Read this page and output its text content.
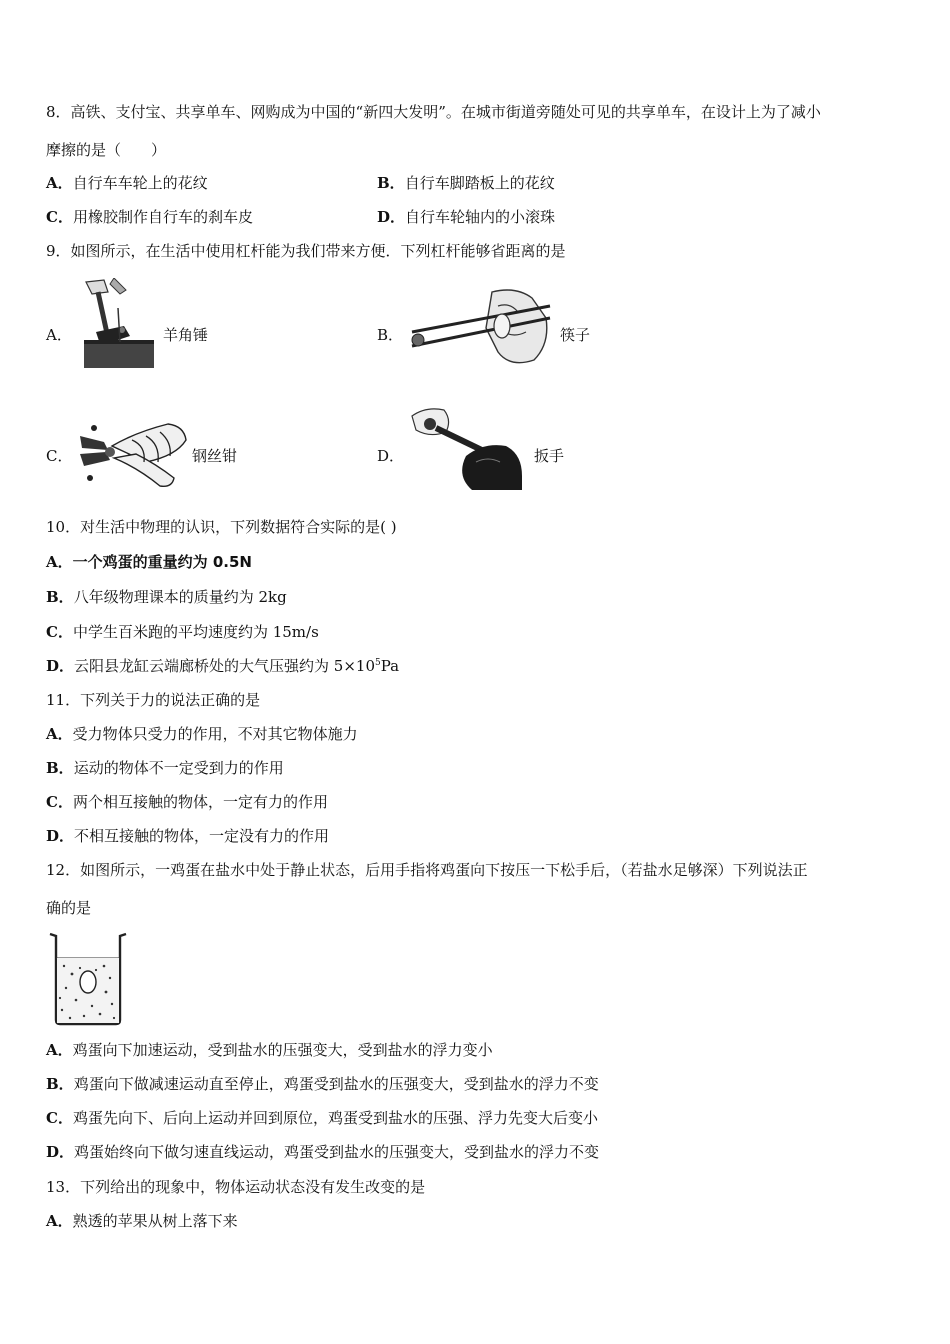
8．高铁、支付宝、共享单车、网购成为中国的“新四大发明”。在城市街道旁随处可见的共享单车，在设计上为了减小
摩擦的是（　　）
A．自行车车轮上的花纹	B．自行车脚踏板上的花纹
C．用橡胶制作自行车的刹车皮	D．自行车轮轴内的小滚珠
9．如图所示，在生活中使用杠杆能为我们带来方便．下列杠杆能够省距离的是
A．	羊角锤	B．	筷子
C．	钢丝钳	D．	扳手
10．对生活中物理的认识，下列数据符合实际的是( )
A．一个鸡蛋的重量约为 0.5N
B．八年级物理课本的质量约为 2kg
C．中学生百米跑的平均速度约为 15m/s
D．云阳县龙缸云端廊桥处的大气压强约为 $5\times 10^5Pa$
11．下列关于力的说法正确的是
A．受力物体只受力的作用，不对其它物体施力
B．运动的物体不一定受到力的作用
C．两个相互接触的物体，一定有力的作用
D．不相互接触的物体，一定没有力的作用
12．如图所示，一鸡蛋在盐水中处于静止状态，后用手指将鸡蛋向下按压一下松手后，（若盐水足够深）下列说法正
确的是
A．鸡蛋向下加速运动，受到盐水的压强变大，受到盐水的浮力变小
B．鸡蛋向下做减速运动直至停止，鸡蛋受到盐水的压强变大，受到盐水的浮力不变
C．鸡蛋先向下、后向上运动并回到原位，鸡蛋受到盐水的压强、浮力先变大后变小
D．鸡蛋始终向下做匀速直线运动，鸡蛋受到盐水的压强变大，受到盐水的浮力不变
13．下列给出的现象中，物体运动状态没有发生改变的是
A．熟透的苹果从树上落下来
